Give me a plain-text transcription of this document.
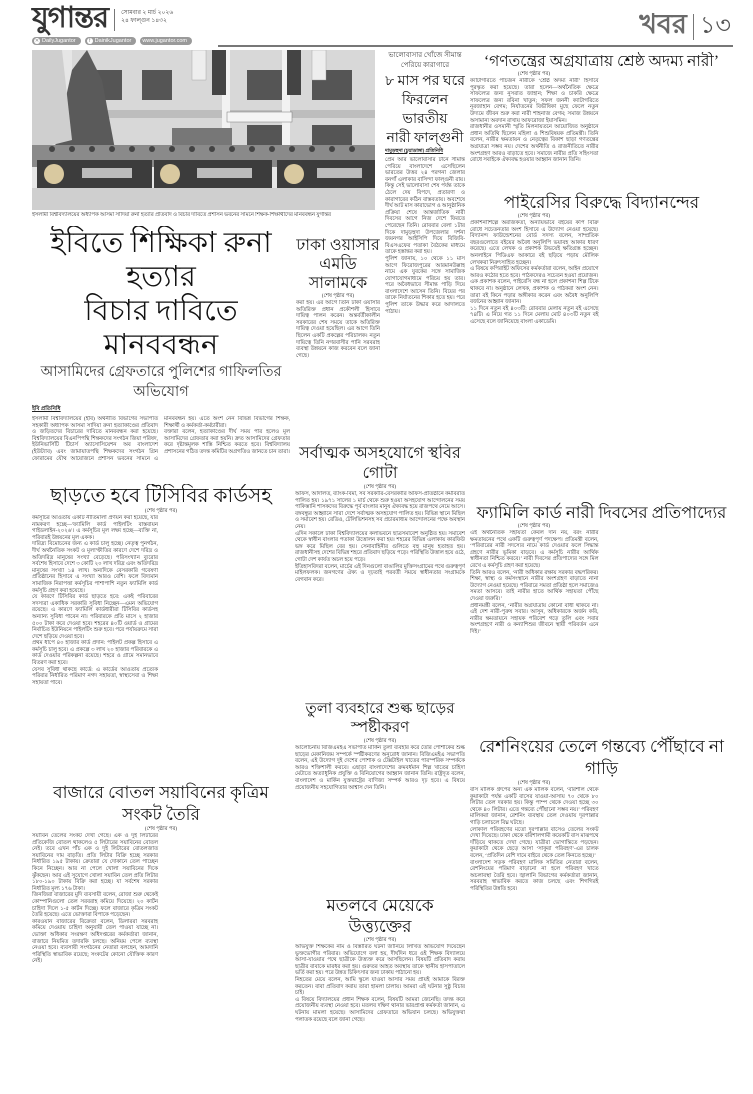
যুগান্তর সোমবার ২ মার্চ ২০২৬
২৪ ফাল্গুন ১৪৩২
✕ DailyJugantor	f DainikJugantor www.jugantor.com
খবর ১৩
ইসলামী বিশ্ববিদ্যালয়ের অধ্যাপক আসমা সাদিয়া রুনা হত্যার প্রতিবাদ ও বিচার দাবিতে প্রশাসন ভবনের সামনে শিক্ষক-শিক্ষার্থীদের মানববন্ধন যুগান্তর
ইবিতে শিক্ষিকা রুনা হত্যার
বিচার দাবিতে মানববন্ধন
আসামিদের গ্রেফতারে পুলিশের গাফিলতির অভিযোগ
ইবি প্রতিনিধি

ইসলামী বিশ্ববিদ্যালয়ের (ইবি) অর্থনীতি বিভাগের সভাপতি সহকারী অধ্যাপক আসমা সাদিয়া রুনা হত্যাকাণ্ডের প্রতিবাদ ও জড়িতদের বিচারের দাবিতে মানববন্ধন করা হয়েছে। বিশ্ববিদ্যালয়ের বিএনপিপন্থি শিক্ষকদের সংগঠন জিয়া পরিষদ, ইউনিভার্সিটি টিচার্স অ্যাসোসিয়েশন অব বাংলাদেশ (ইউট্যাব) এবং জামায়াতপন্থি শিক্ষকদের সংগঠন গ্রিন ফোরামের যৌথ আয়োজনে প্রশাসন ভবনের সামনে এ মানববন্ধন হয়। এতে অংশ নেন বিভিন্ন বিভাগের শিক্ষক, শিক্ষার্থী ও কর্মকর্তা-কর্মচারীরা।

বক্তারা বলেন, হত্যাকাণ্ডের দীর্ঘ সময় পার হলেও মূল আসামিদের গ্রেফতার করা হয়নি। দ্রুত আসামিদের গ্রেফতার করে দৃষ্টান্তমূলক শাস্তি নিশ্চিত করতে হবে। বিশ্ববিদ্যালয় প্রশাসনের গঠিত তদন্ত কমিটির অগ্রগতিও জানতে চান তারা।

ঢাকা ওয়াসার
এমডি সালামকে
(শেষ পৃষ্ঠার পর)

করা হয়। এর আগে তিনি ঢাকা ওয়াসার অতিরিক্ত প্রধান প্রকৌশলী হিসাবে দায়িত্ব পালন করেন। অন্তর্বর্তীকালীন সরকারের শেষ সময়ে তাকে অতিরিক্ত দায়িত্ব দেওয়া হয়েছিল। এর আগে তিনি ছিলেন একটি প্রকল্পের পরিচালক। নতুন দায়িত্বে তিনি নগরবাসীর পানি সরবরাহ ব্যবস্থা উন্নয়নে কাজ করবেন বলে জানা গেছে।

ভালোবাসার খোঁজে সীমান্ত
পেরিয়ে কারাগারে
৮ মাস পর ঘরে
ফিরলেন ভারতীয়
নারী ফাল্গুনী
দামুড়হুদা (চুয়াডাঙ্গা) প্রতিনিধি

প্রেম আর ভালোবাসার টানে সীমান্ত পেরিয়ে বাংলাদেশে এসেছিলেন ভারতের উত্তর ২৪ পরগনা জেলার বনগাঁ এলাকার বাসিন্দা ফাল্গুনী রায়। কিন্তু সেই ভালোবাসা শেষ পর্যন্ত তাকে ঠেলে দেয় বিপদে, প্রতারণা ও কারাগারের কঠিন বাস্তবতায়। অবশেষে দীর্ঘ আট মাস কারাভোগ ও আনুষ্ঠানিক প্রক্রিয়া শেষে আন্তর্জাতিক নারী দিবসের আগে নিজ দেশে ফিরতে পেরেছেন তিনি। রোববার বেলা ১টার দিকে দামুড়হুদা উপজেলার দর্শনা জয়নগর আইসিপি দিয়ে বিজিবি-বিএসএফের পতাকা বৈঠকের মাধ্যমে তাকে হস্তান্তর করা হয়।

পুলিশ জানায়, ১০ থেকে ১১ মাস আগে ফিরোজপুরের আরমানউল্লাহ নামে এক যুবকের সঙ্গে সামাজিক যোগাযোগমাধ্যমে পরিচয় হয় তার। পরে অবৈধভাবে সীমান্ত পাড়ি দিয়ে বাংলাদেশে আসেন তিনি। বিয়ের পর তাকে নির্যাতনের শিকার হতে হয়। পরে পুলিশ তাকে উদ্ধার করে আদালতে পাঠায়।

সর্বাত্মক অসহযোগে স্থবির গোটা
(শেষ পৃষ্ঠার পর)

অফিস, আদালত, ব্যাংক-বিমা, সব সরকারি-বেসরকারি অফিস-প্রতিষ্ঠানে কর্মবিরতি পালিত হয়। ১৯৭১ সালের ১ মার্চ থেকে শুরু হওয়া অসহযোগ আন্দোলনের সময় পাকিস্তানি শাসকদের বিরুদ্ধে পূর্ব বাংলার মানুষ ঐক্যবদ্ধ হয়ে রাজপথে নেমে আসে। বঙ্গবন্ধুর আহ্বানে সারা দেশে সর্বাত্মক অসহযোগ পালিত হয়। বিভিন্ন স্থানে মিছিল ও সমাবেশ হয়। রেডিও, টেলিভিশনসহ সব প্রচারমাধ্যম আন্দোলনের পক্ষে অবস্থান নেয়।

এদিন সকালে ঢাকা বিশ্ববিদ্যালয়ের কলাভবনে ছাত্রসমাবেশ অনুষ্ঠিত হয়। সমাবেশ থেকে স্বাধীন বাংলার পতাকা উত্তোলন করা হয়। শহরের বিভিন্ন এলাকায় কারফিউ ভঙ্গ করে মিছিল বের হয়। সেনাবাহিনীর গুলিতে বহু মানুষ হতাহত হয়। রাজধানীসহ দেশের বিভিন্ন শহরে প্রতিবাদ ছড়িয়ে পড়ে। পরিস্থিতি উত্তাল হয়ে ওঠে, গোটা দেশ কার্যত অচল হয়ে পড়ে।

ইতিহাসবিদরা বলেন, মার্চের এই দিনগুলো বাঙালির মুক্তিসংগ্রামের পথে গুরুত্বপূর্ণ মাইলফলক। জনগণের ঐক্য ও দৃঢ়তাই পরবর্তী সময়ে স্বাধীনতার সংগ্রামকে বেগবান করে।

তুলা ব্যবহারে শুল্ক ছাড়ের স্পষ্টীকরণ
(শেষ পৃষ্ঠার পর)

আলোচনায় বিজিএমইএ সভাপতি মার্কিন তুলা ব্যবহার করে তৈরি পোশাকের শুল্ক ছাড়ের মেকানিজম সম্পর্কে স্পষ্টীকরণের অনুরোধ জানান। বিজিএমইএ সভাপতি বলেন, এই উদ্যোগ দুই দেশের পোশাক ও টেক্সটাইল খাতের পারস্পরিক সম্পর্ককে আরও শক্তিশালী করবে। এছাড়া বাংলাদেশের ক্রমবর্ধমান শিল্প খাতের চাহিদা মেটাতে অত্যাধুনিক প্রযুক্তি ও বিনিয়োগের আহ্বান জানান তিনি। রাষ্ট্রদূত বলেন, বাংলাদেশ ও মার্কিন যুক্তরাষ্ট্রের বাণিজ্য সম্পর্ক আরও দৃঢ় হবে। এ বিষয়ে প্রয়োজনীয় সহযোগিতার আশ্বাস দেন তিনি।

মতলবে মেয়েকে উত্ত্যক্তের
(শেষ পৃষ্ঠার পর)

অভিযুক্ত শিক্ষকের নাম ও বিস্তারিত ঘটনা জানিয়ে লিখিত অভিযোগ দিয়েছেন ভুক্তভোগীর পরিবার। অভিযোগে বলা হয়, দীর্ঘদিন ধরে ওই শিক্ষক বিদ্যালয়ে আসা-যাওয়ার পথে ছাত্রীকে উত্ত্যক্ত করে আসছিলেন। বিষয়টি প্রতিবাদ করায় ছাত্রীর বাবাকে মারধর করা হয়। গুরুতর আহত অবস্থায় তাকে স্থানীয় হাসপাতালে ভর্তি করা হয়। পরে উন্নত চিকিৎসার জন্য ঢাকায় পাঠানো হয়।

নিহতের মেয়ে বলেন, আমি স্কুলে যাওয়া আসার সময় প্রায়ই আমাকে বিরক্ত করতেন। বাবা প্রতিবাদ করায় তারা হামলা চালায়। আমরা এই ঘটনার সুষ্ঠু বিচার চাই।

এ বিষয়ে বিদ্যালয়ের প্রধান শিক্ষক বলেন, বিষয়টি আমরা জেনেছি। তদন্ত করে প্রয়োজনীয় ব্যবস্থা নেওয়া হবে। মতলব দক্ষিণ থানার ভারপ্রাপ্ত কর্মকর্তা জানান, এ ঘটনায় মামলা হয়েছে। আসামিদের গ্রেফতারে অভিযান চলছে। অভিযুক্তরা পলাতক রয়েছে বলে জানা গেছে।

ছাড়তে হবে টিসিবির কার্ডসহ
(শেষ পৃষ্ঠার পর)

কর্মসূচির আওতায় একটি নীতিমালা প্রণয়ন করা হয়েছে, যার নামকরণ হচ্ছে—'ফ্যামিলি কার্ড পাইলটিং বাস্তবায়ন গাইডলাইন-২০২৬'। এ কর্মসূচির মূল লক্ষ্য হচ্ছে—ব্যক্তি না, পরিবারই উন্নয়নের মূল একক।

দারিদ্র্য বিমোচনের জন্য এ কার্ড চালু হচ্ছে। নেতৃত্ব পুনর্গঠন, দীর্ঘ অর্থনৈতিক সংকট ও মূল্যস্ফীতির কারণে দেশে দরিদ্র ও অতিদরিদ্র মানুষের সংখ্যা বেড়েছে। পরিসংখ্যান ব্যুরোর সর্বশেষ হিসাবে দেশে ৩ কোটি ২০ লাখ দরিদ্র এবং অতিদরিদ্র মানুষের সংখ্যা ১৪ লাখ। অন্যদিকে বেসরকারি গবেষণা প্রতিষ্ঠানের হিসাবে এ সংখ্যা আরও বেশি। ফলে বিদ্যমান সামাজিক নিরাপত্তা কর্মসূচির পাশাপাশি নতুন ফ্যামিলি কার্ড কর্মসূচি গ্রহণ করা হয়েছে।

যে কারণে টিসিবির কার্ড ছাড়তে হবে: একই পরিবারের সদস্যরা একাধিক সরকারি সুবিধা নিচ্ছেন—এমন অভিযোগ রয়েছে। এ কারণে ফ্যামিলি কার্ডধারীরা টিসিবির কার্ডসহ অন্যান্য সুবিধা পাবেন না। পরিবারকে প্রতি মাসে ২ হাজার ৫০০ টাকা করে দেওয়া হবে। শহরের ৪০টি ওয়ার্ড ও গ্রামের নির্বাচিত ইউনিয়নে পাইলটিং শুরু হবে। পরে পর্যায়ক্রমে সারা দেশে ছড়িয়ে দেওয়া হবে।

প্রথম ধাপে ৪০ হাজার কার্ড প্রদান: পাইলট প্রকল্প হিসাবে এ কর্মসূচি চালু হবে। এ প্রকল্পে ৩ লাখ ২০ হাজার পরিবারকে এ কার্ড দেওয়ার পরিকল্পনা রয়েছে। শহরে ও গ্রামে সমানভাবে বিতরণ করা হবে।

যেসব সুবিধা থাকছে কার্ডে: এ কার্ডের আওতায় প্রত্যেক পরিবার নির্ধারিত পরিমাণ নগদ সহায়তা, স্বাস্থ্যসেবা ও শিক্ষা সহায়তা পাবে।

বাজারে বোতল সয়াবিনের কৃত্রিম সংকট তৈরি
(শেষ পৃষ্ঠার পর)

সয়াবিন তেলের সংকট দেখা গেছে। এক ও দুই লিটারের প্রতিকেজি বোতল থাকলেও ৫ লিটারের সয়াবিনের বোতল নেই। তবে এখন পাঁচ এক ও দুই লিটারের বোতলজাত সয়াবিনের দাম বাড়তি। প্রতি লিটার বিক্রি হচ্ছে সরকার নির্ধারিত ১৯৫ টাকায়। ক্রেতারা যে দোকানে তেল পাচ্ছেন কিনে নিচ্ছেন। আর না পেলে খোলা সয়াবিনের দিকে ঝুঁকছেন। আর এই সুযোগে খোলা সয়াবিন তেল প্রতি লিটার ১৮০-১৯০ টাকায় বিক্রি করা হচ্ছে। যা সর্বশেষ সরকার নির্ধারিত মূল্য ১৭৬ টাকা।

জিনজিরা বাজারের মুদি ব্যবসায়ী বলেন, রোজা শুরু থেকেই কোম্পানিগুলো তেল সরবরাহ কমিয়ে দিয়েছে। ২০ কার্টন চাহিদা দিলে ১-৫ কার্টন দিচ্ছে। ফলে বাজারে কৃত্রিম সংকট তৈরি হয়েছে। এতে ভোক্তারা বিপাকে পড়েছেন।

কারওয়ান বাজারের বিক্রেতা বলেন, ডিলাররা সরবরাহ কমিয়ে দেওয়ায় চাহিদা অনুযায়ী তেল পাওয়া যাচ্ছে না। ভোক্তা অধিকার সংরক্ষণ অধিদপ্তরের কর্মকর্তারা জানান, বাজারে নিয়মিত তদারকি চলছে। অনিয়ম পেলে ব্যবস্থা নেওয়া হবে। ব্যবসায়ী সংগঠনের নেতারা বলছেন, আমদানি পরিস্থিতি স্বাভাবিক রয়েছে; সংকটের কোনো যৌক্তিক কারণ নেই।

‘গণতন্ত্রের অগ্রযাত্রায় শ্রেষ্ঠ অদম্য নারী’
(শেষ পৃষ্ঠার পর)

ক্যাটাগরিতে পাঁচজন নারীকে ‘শ্রেষ্ঠ অদম্য নারী’ হিসাবে পুরস্কৃত করা হয়েছে। তারা হলেন—অর্থনৈতিক ক্ষেত্রে সাফল্যের জন্য নুসরাত জাহান; শিক্ষা ও চাকরি ক্ষেত্রে সাফল্যের জন্য রবিনা খাতুন; সফল জননী ক্যাটাগরিতে নূরজাহান বেগম; নির্যাতনের বিভীষিকা মুছে ফেলে নতুন উদ্যমে জীবন শুরু করা নারী শাহনাজ বেগম; সমাজ উন্নয়নে অসামান্য অবদান রাখায় আফরোজা ইয়াসমিন।

রাজধানীর ওসমানী স্মৃতি মিলনায়তনে আয়োজিত অনুষ্ঠানে প্রধান অতিথি ছিলেন মহিলা ও শিশুবিষয়ক প্রতিমন্ত্রী। তিনি বলেন, নারীর ক্ষমতায়ন ও নেতৃত্বের বিকাশ ছাড়া গণতন্ত্রের অগ্রযাত্রা সম্ভব নয়। দেশের অর্থনীতি ও রাজনীতিতে নারীর অংশগ্রহণ আরও বাড়াতে হবে। সমাজে নারীর প্রতি সহিংসতা রোধে সবাইকে ঐক্যবদ্ধ হওয়ার আহ্বান জানান তিনি।

পাইরেসির বিরুদ্ধে বিদ্যানন্দের
(শেষ পৃষ্ঠার পর)

প্রকাশনাশিল্পে অরাজকতা, অন্যায়ভাবে বইয়ের কপি বিক্রি রোধে সচেতনতার অংশ হিসাবে এ উদ্যোগ নেওয়া হয়েছে। বিদ্যানন্দ ফাউন্ডেশনের বোর্ড সদস্য বলেন, সাম্প্রতিক বছরগুলোতে বইয়ের অবৈধ অনুলিপি ভয়াবহ আকার ধারণ করেছে। এতে লেখক ও প্রকাশক উভয়েই ক্ষতিগ্রস্ত হচ্ছেন। অনলাইনে পিডিএফ আকারে বই ছড়িয়ে পড়ায় মৌলিক লেখকরা নিরুৎসাহিত হচ্ছেন।

এ বিষয়ে কপিরাইট অফিসের কর্মকর্তারা বলেন, আইন প্রয়োগে আরও কঠোর হতে হবে। পাঠকদেরও সচেতন হওয়া প্রয়োজন। এক প্রকাশক বলেন, পাইরেসি বন্ধ না হলে প্রকাশনা শিল্প টিকে থাকবে না। অনুষ্ঠানে লেখক, প্রকাশক ও পাঠকরা অংশ নেন। তারা বই কিনে পড়ার অঙ্গীকার করেন এবং অবৈধ অনুলিপি বর্জনের আহ্বান জানান।

১১ দিনে নতুন বই ৪০৩টি: রোববার মেলায় নতুন বই এসেছে ৭৪টি। এ নিয়ে গত ১১ দিনে মেলায় মোট ৪০৩টি নতুন বই এসেছে বলে জানিয়েছে বাংলা একাডেমি।

ফ্যামিলি কার্ড নারী দিবসের প্রতিপাদ্যের
(শেষ পৃষ্ঠার পর)

এই অর্থনৈতিক সহায়তা কেবল দান নয়, বরং নারীর ক্ষমতায়নের পথে একটি গুরুত্বপূর্ণ পদক্ষেপ। প্রতিমন্ত্রী বলেন, ‘পরিবারের নারী সদস্যের নামে কার্ড দেওয়ার ফলে সিদ্ধান্ত গ্রহণে নারীর ভূমিকা বাড়বে। এ কর্মসূচি নারীর আর্থিক স্বাধীনতা নিশ্চিত করবে।’ নারী দিবসের প্রতিপাদ্যের সঙ্গে মিল রেখে এ কর্মসূচি গ্রহণ করা হয়েছে।

তিনি আরও বলেন, ‘নারী অধিকার রক্ষায় সরকার বদ্ধপরিকর। শিক্ষা, স্বাস্থ্য ও কর্মসংস্থানে নারীর অংশগ্রহণ বাড়াতে নানা উদ্যোগ নেওয়া হয়েছে। পরিবারে সমতা প্রতিষ্ঠা হলে সমাজেও সমতা আসবে। তাই নারীর হাতে আর্থিক সহায়তা পৌঁছে দেওয়া জরুরি।’

প্রধানমন্ত্রী বলেন, ‘নারীর অগ্রযাত্রায় কোনো বাধা থাকবে না। এই দেশ নারী-পুরুষ সবার। আসুন, অধিকারকে অর্জন করি, নারীর ক্ষমতায়নে সহায়ক পরিবেশ গড়ে তুলি এবং সবার অংশগ্রহণে নারী ও কন্যাশিশুর জীবনে স্থায়ী পরিবর্তন এনে দিই।’

রেশনিংয়ের তেলে গন্তব্যে পৌঁছাবে না গাড়ি
(শেষ পৃষ্ঠার পর)

বাস মালিক গ্রুপের অন্য এক মালিক বলেন, ‘বরিশাল থেকে কুয়াকাটা পর্যন্ত একটি বাসের যাওয়া-আসায় ৭০ থেকে ৮০ লিটার তেল দরকার হয়। কিন্তু পাম্প থেকে দেওয়া হচ্ছে ৩০ থেকে ৪০ লিটার। এতে গন্তব্যে পৌঁছানো সম্ভব নয়।’ পরিবহণ মালিকরা জানান, রেশনিং ব্যবস্থায় তেল দেওয়ায় দূরপাল্লার গাড়ি চলাচলে বিঘ্ন ঘটছে।

লোকাল পরিবহণের মতো দূরপাল্লার বাসেও তেলের সংকট দেখা দিয়েছে। ঢাকা থেকে বরিশালগামী কয়েকটি বাস মাঝপথে দাঁড়িয়ে থাকতে দেখা গেছে। যাত্রীরা ভোগান্তিতে পড়ছেন। কুয়াকাটা থেকে ছেড়ে আসা ‘সাকুরা পরিবহণ’-এর চালক বলেন, ‘প্রতিদিন বেশি দামে বাইরে থেকে তেল কিনতে হচ্ছে।’

বাংলাদেশ সড়ক পরিবহণ মালিক সমিতির নেতারা বলেন, রেশনিংয়ের পরিমাণ বাড়ানো না হলে পরিবহণ খাতে অচলাবস্থা তৈরি হবে। জ্বালানি বিভাগের কর্মকর্তারা জানান, সরবরাহ স্বাভাবিক করতে কাজ চলছে এবং শিগগিরই পরিস্থিতির উন্নতি হবে।
